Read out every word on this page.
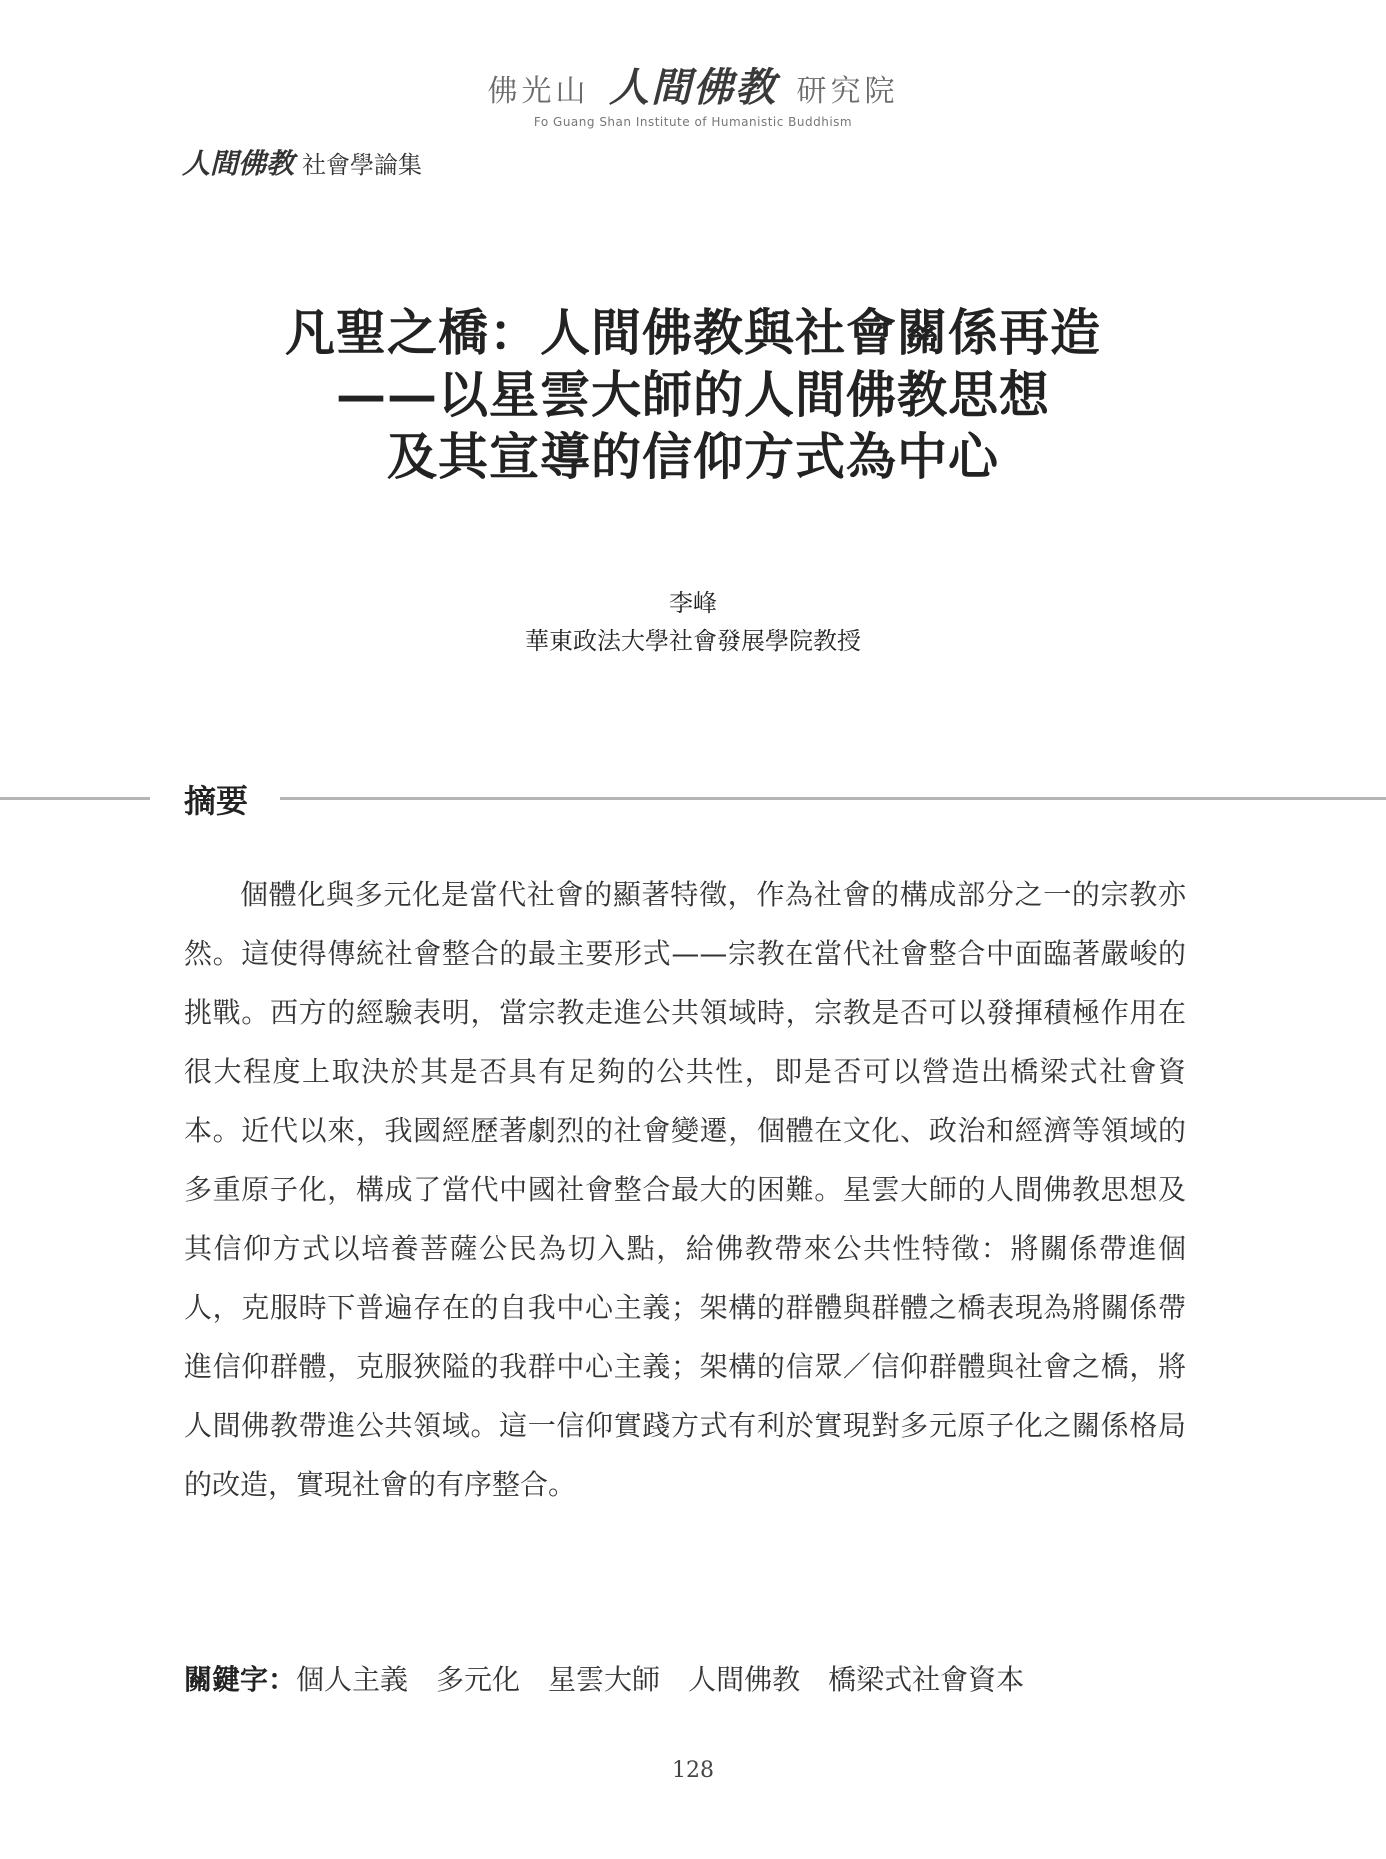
佛光山 人間佛教 研究院
Fo Guang Shan Institute of Humanistic Buddhism
人間佛教 社會學論集
凡聖之橋：人間佛教與社會關係再造
——以星雲大師的人間佛教思想
及其宣導的信仰方式為中心
李峰
華東政法大學社會發展學院教授
摘要

個體化與多元化是當代社會的顯著特徵，作為社會的構成部分之一的宗教亦然。這使得傳統社會整合的最主要形式——宗教在當代社會整合中面臨著嚴峻的挑戰。西方的經驗表明，當宗教走進公共領域時，宗教是否可以發揮積極作用在很大程度上取決於其是否具有足夠的公共性，即是否可以營造出橋梁式社會資本。近代以來，我國經歷著劇烈的社會變遷，個體在文化、政治和經濟等領域的多重原子化，構成了當代中國社會整合最大的困難。星雲大師的人間佛教思想及其信仰方式以培養菩薩公民為切入點，給佛教帶來公共性特徵：將關係帶進個人，克服時下普遍存在的自我中心主義；架構的群體與群體之橋表現為將關係帶進信仰群體，克服狹隘的我群中心主義；架構的信眾／信仰群體與社會之橋，將人間佛教帶進公共領域。這一信仰實踐方式有利於實現對多元原子化之關係格局的改造，實現社會的有序整合。

關鍵字：個人主義 多元化 星雲大師 人間佛教 橋梁式社會資本
128
